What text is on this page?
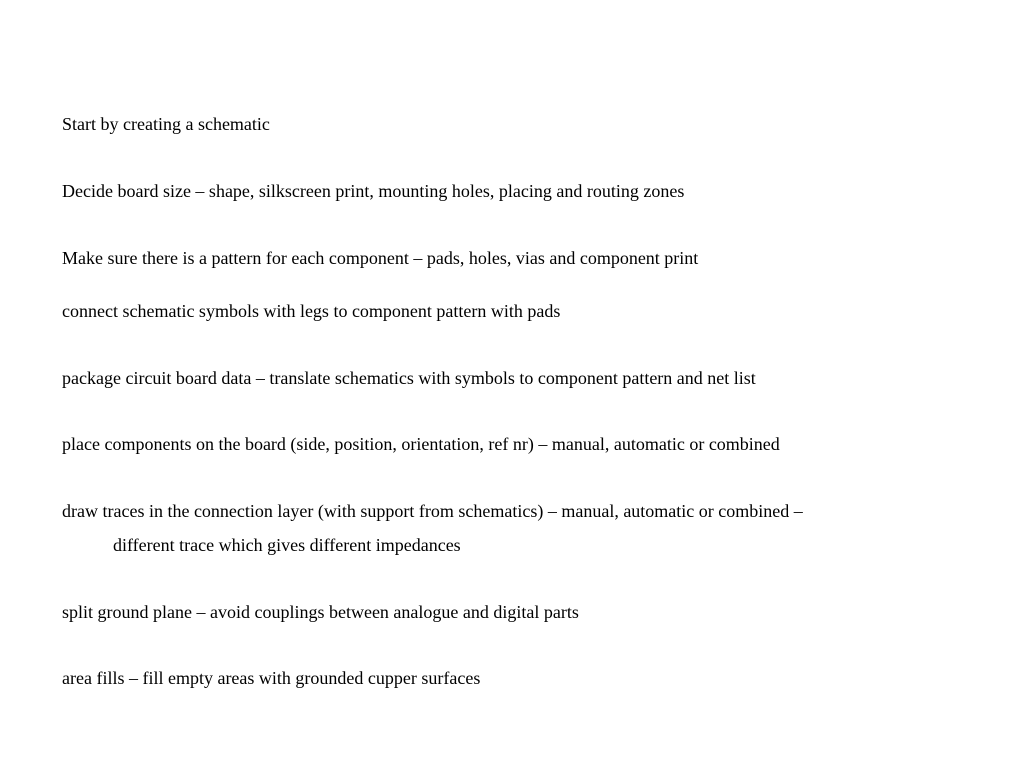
Start by creating a schematic

Decide board size – shape, silkscreen print, mounting holes, placing and routing zones

Make sure there is a pattern for each component – pads, holes, vias and component print

connect schematic symbols with legs to component pattern with pads

package circuit board data – translate schematics with symbols to component pattern and net list

place components on the board (side, position, orientation, ref nr) – manual, automatic or combined

draw traces in the connection layer (with support from schematics) – manual, automatic or combined –

different trace which gives different impedances

split ground plane – avoid couplings between analogue and digital parts

area fills – fill empty areas with grounded cupper surfaces
